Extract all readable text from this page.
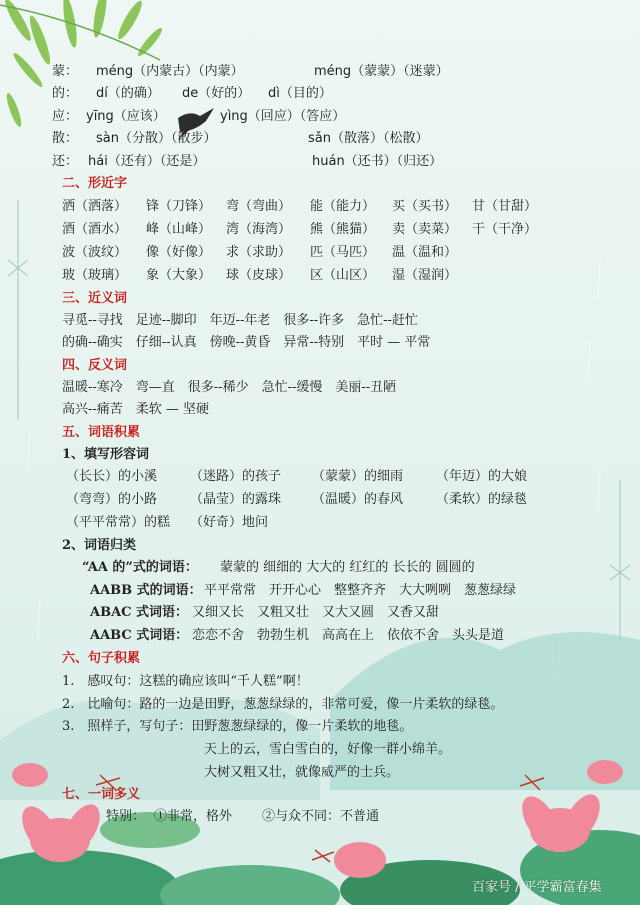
蒙： méng（内蒙古）（内蒙）	méng（蒙蒙）（迷蒙）
的： dí（的确） de（好的） dì（目的）
应： yīng（应该）	yìng（回应）（答应）
散： sàn（分散）（散步）	sǎn（散落）（松散）
还： hái（还有）（还是）	huán（还书）（归还）
二、形近字
洒（洒落） 锋（刀锋） 弯（弯曲） 能（能力） 买（买书） 甘（甘甜）
酒（酒水） 峰（山峰） 湾（海湾） 熊（熊猫） 卖（卖菜） 干（干净）
波（波纹） 像（好像） 求（求助） 匹（马匹） 温（温和）
玻（玻璃） 象（大象） 球（皮球） 区（山区） 湿（湿润）
三、近义词
寻觅--寻找　足迹--脚印　年迈--年老　很多--许多　急忙--赶忙
的确--确实　仔细--认真　傍晚--黄昏　异常--特别　平时 — 平常
四、反义词
温暖--寒冷　弯—直　很多--稀少　急忙--缓慢　美丽--丑陋
高兴--痛苦　柔软 — 坚硬
五、词语积累
1、填写形容词
（长长）的小溪	（迷路）的孩子 （蒙蒙）的细雨	（年迈）的大娘
（弯弯）的小路	（晶莹）的露珠 （温暖）的春风	（柔软）的绿毯
（平平常常）的糕 （好奇）地问
2、词语归类
“AA 的”式的词语： 蒙蒙的 细细的 大大的 红红的 长长的 圆圆的
AABB 式的词语： 平平常常　开开心心　整整齐齐　大大咧咧　葱葱绿绿
ABAC 式词语： 又细又长　又粗又壮　又大又圆　又香又甜
AABC 式词语： 恋恋不舍　勃勃生机　高高在上　依依不舍　头头是道
六、句子积累
1.　感叹句：这糕的确应该叫“千人糕”啊！
2.　比喻句：路的一边是田野，葱葱绿绿的，非常可爱，像一片柔软的绿毯。
3.　照样子，写句子：田野葱葱绿绿的，像一片柔软的地毯。
天上的云，雪白雪白的，好像一群小绵羊。
大树又粗又壮，就像威严的士兵。
七、一词多义
特别： ①非常，格外 ②与众不同：不普通
百家号 / 平学霸富春集
